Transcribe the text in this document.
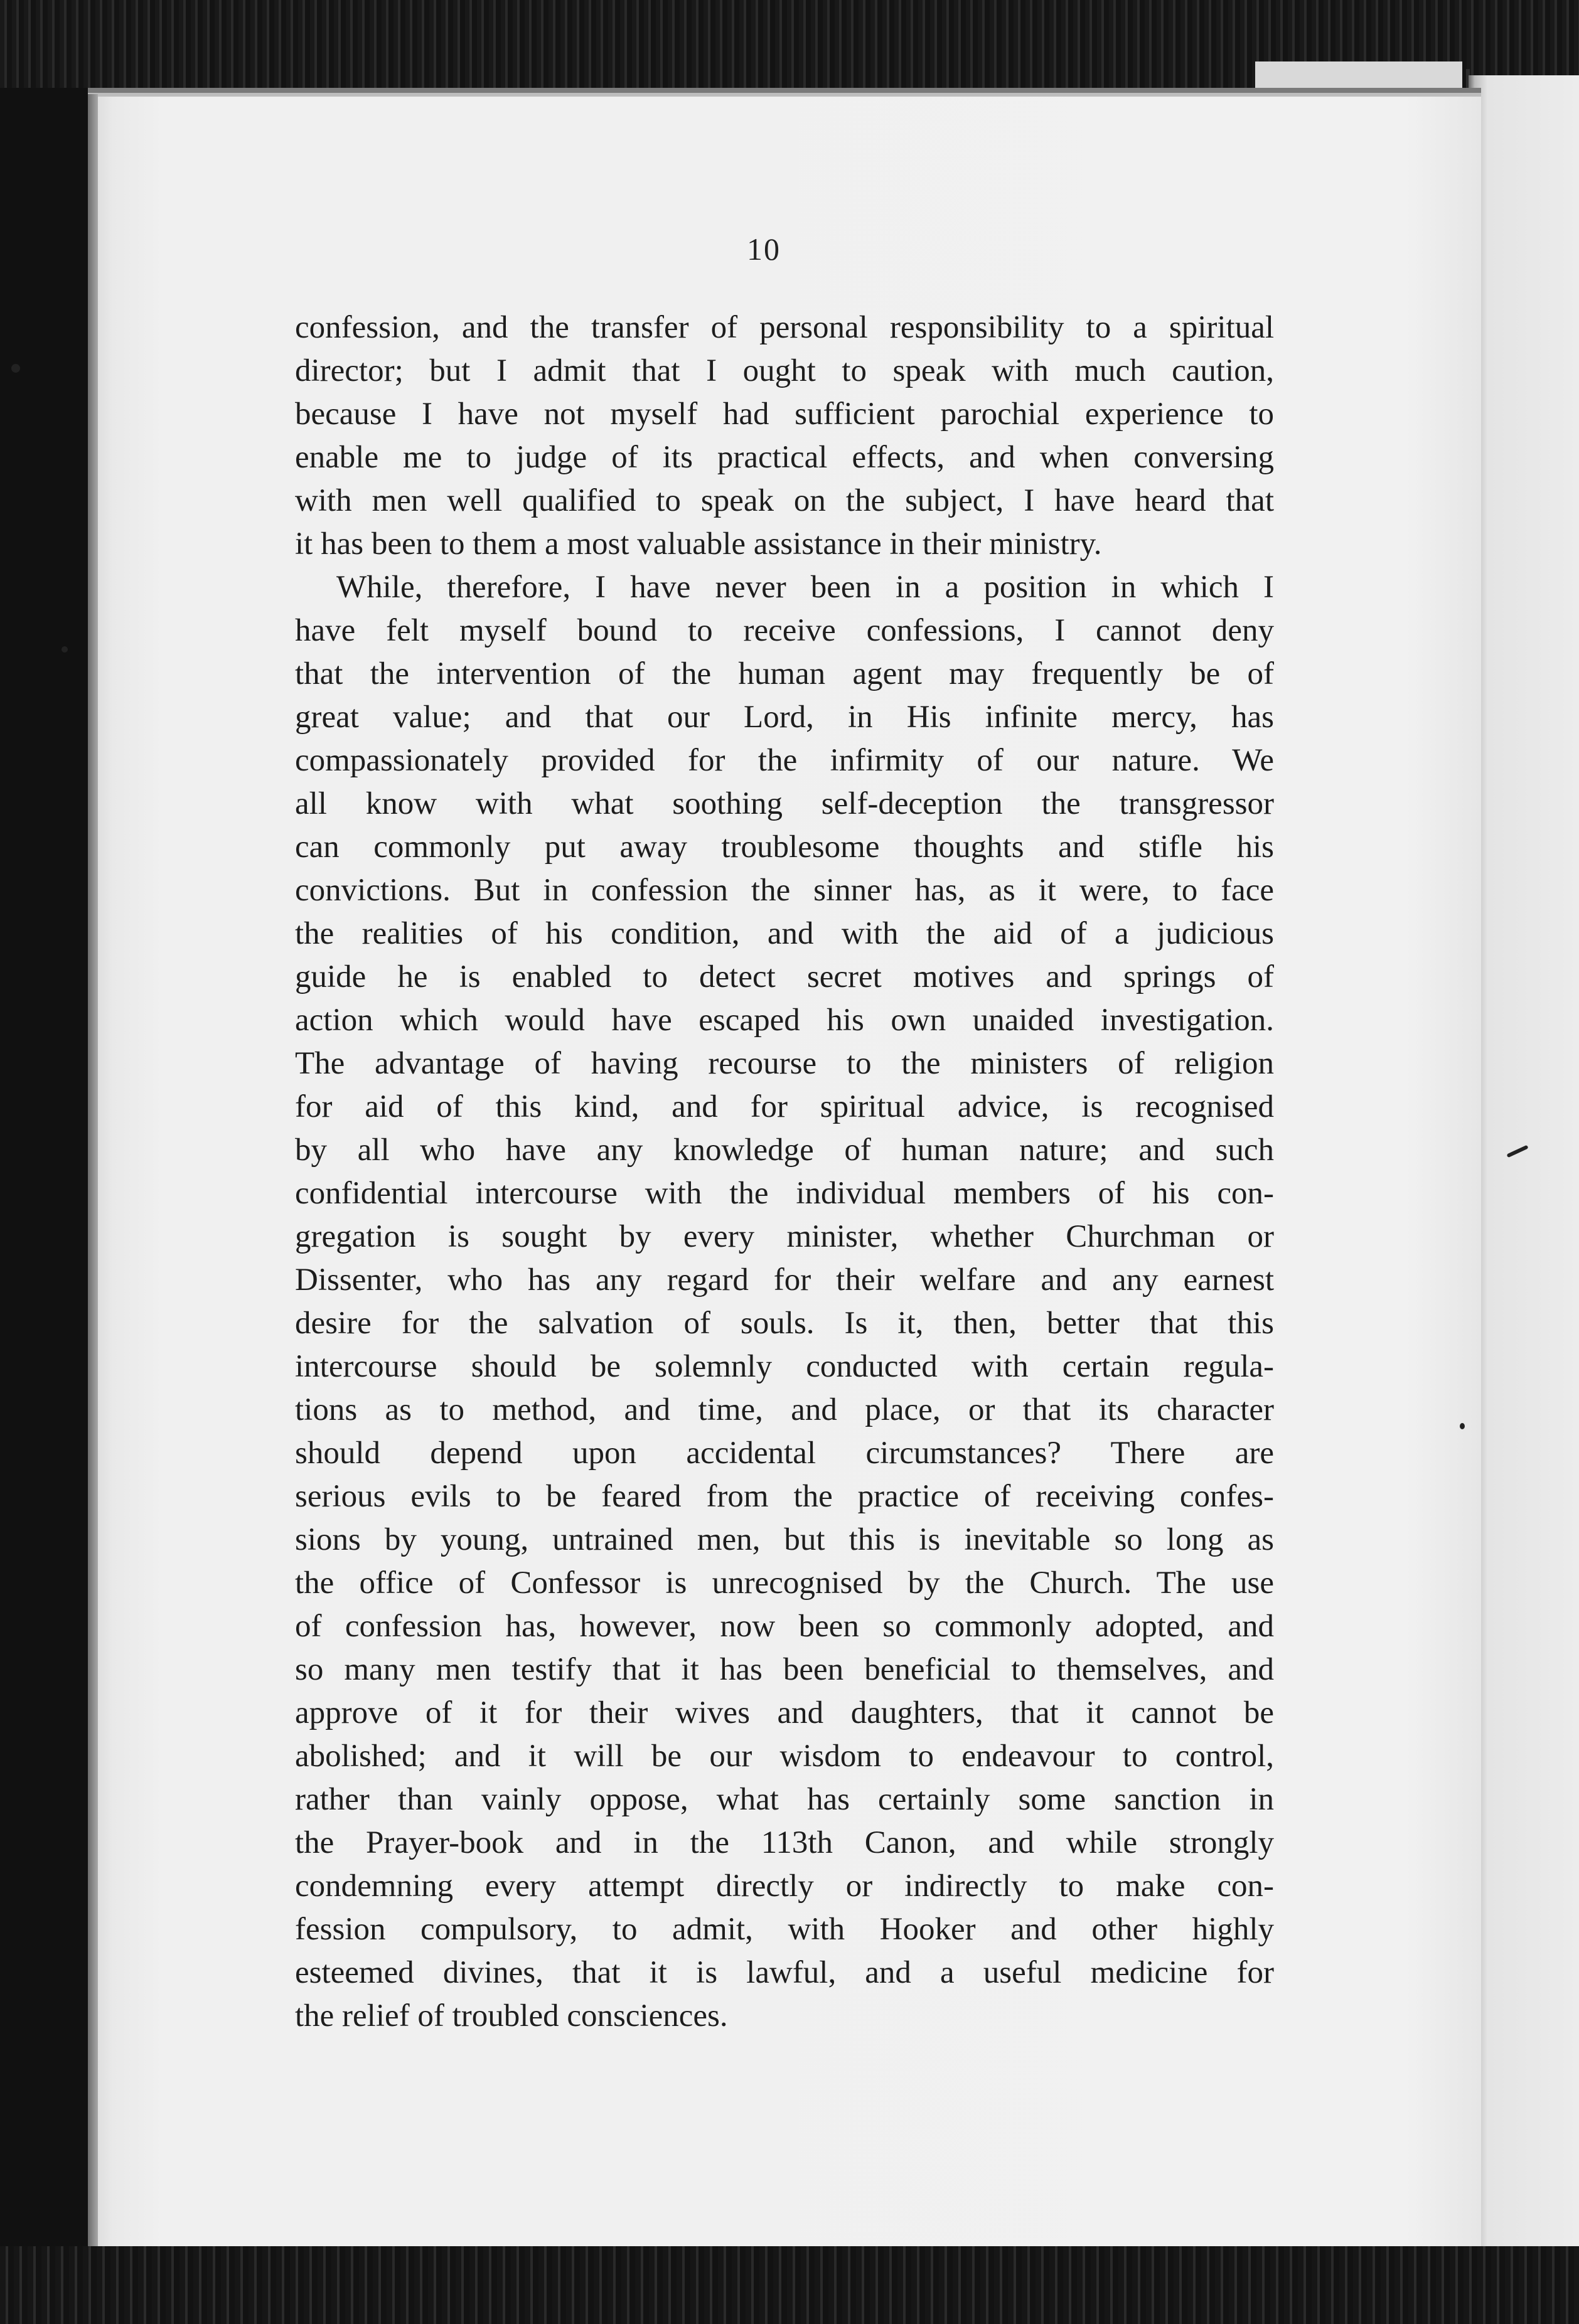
10
confession, and the transfer of personal responsibility to a spiritual
director; but I admit that I ought to speak with much caution,
because I have not myself had sufficient parochial experience to
enable me to judge of its practical effects, and when conversing
with men well qualified to speak on the subject, I have heard that
it has been to them a most valuable assistance in their ministry.
While, therefore, I have never been in a position in which I
have felt myself bound to receive confessions, I cannot deny
that the intervention of the human agent may frequently be of
great value; and that our Lord, in His infinite mercy, has
compassionately provided for the infirmity of our nature. We
all know with what soothing self-deception the transgressor
can commonly put away troublesome thoughts and stifle his
convictions. But in confession the sinner has, as it were, to face
the realities of his condition, and with the aid of a judicious
guide he is enabled to detect secret motives and springs of
action which would have escaped his own unaided investigation.
The advantage of having recourse to the ministers of religion
for aid of this kind, and for spiritual advice, is recognised
by all who have any knowledge of human nature; and such
confidential intercourse with the individual members of his con-
gregation is sought by every minister, whether Churchman or
Dissenter, who has any regard for their welfare and any earnest
desire for the salvation of souls. Is it, then, better that this
intercourse should be solemnly conducted with certain regula-
tions as to method, and time, and place, or that its character
should depend upon accidental circumstances? There are
serious evils to be feared from the practice of receiving confes-
sions by young, untrained men, but this is inevitable so long as
the office of Confessor is unrecognised by the Church. The use
of confession has, however, now been so commonly adopted, and
so many men testify that it has been beneficial to themselves, and
approve of it for their wives and daughters, that it cannot be
abolished; and it will be our wisdom to endeavour to control,
rather than vainly oppose, what has certainly some sanction in
the Prayer-book and in the 113th Canon, and while strongly
condemning every attempt directly or indirectly to make con-
fession compulsory, to admit, with Hooker and other highly
esteemed divines, that it is lawful, and a useful medicine for
the relief of troubled consciences.
